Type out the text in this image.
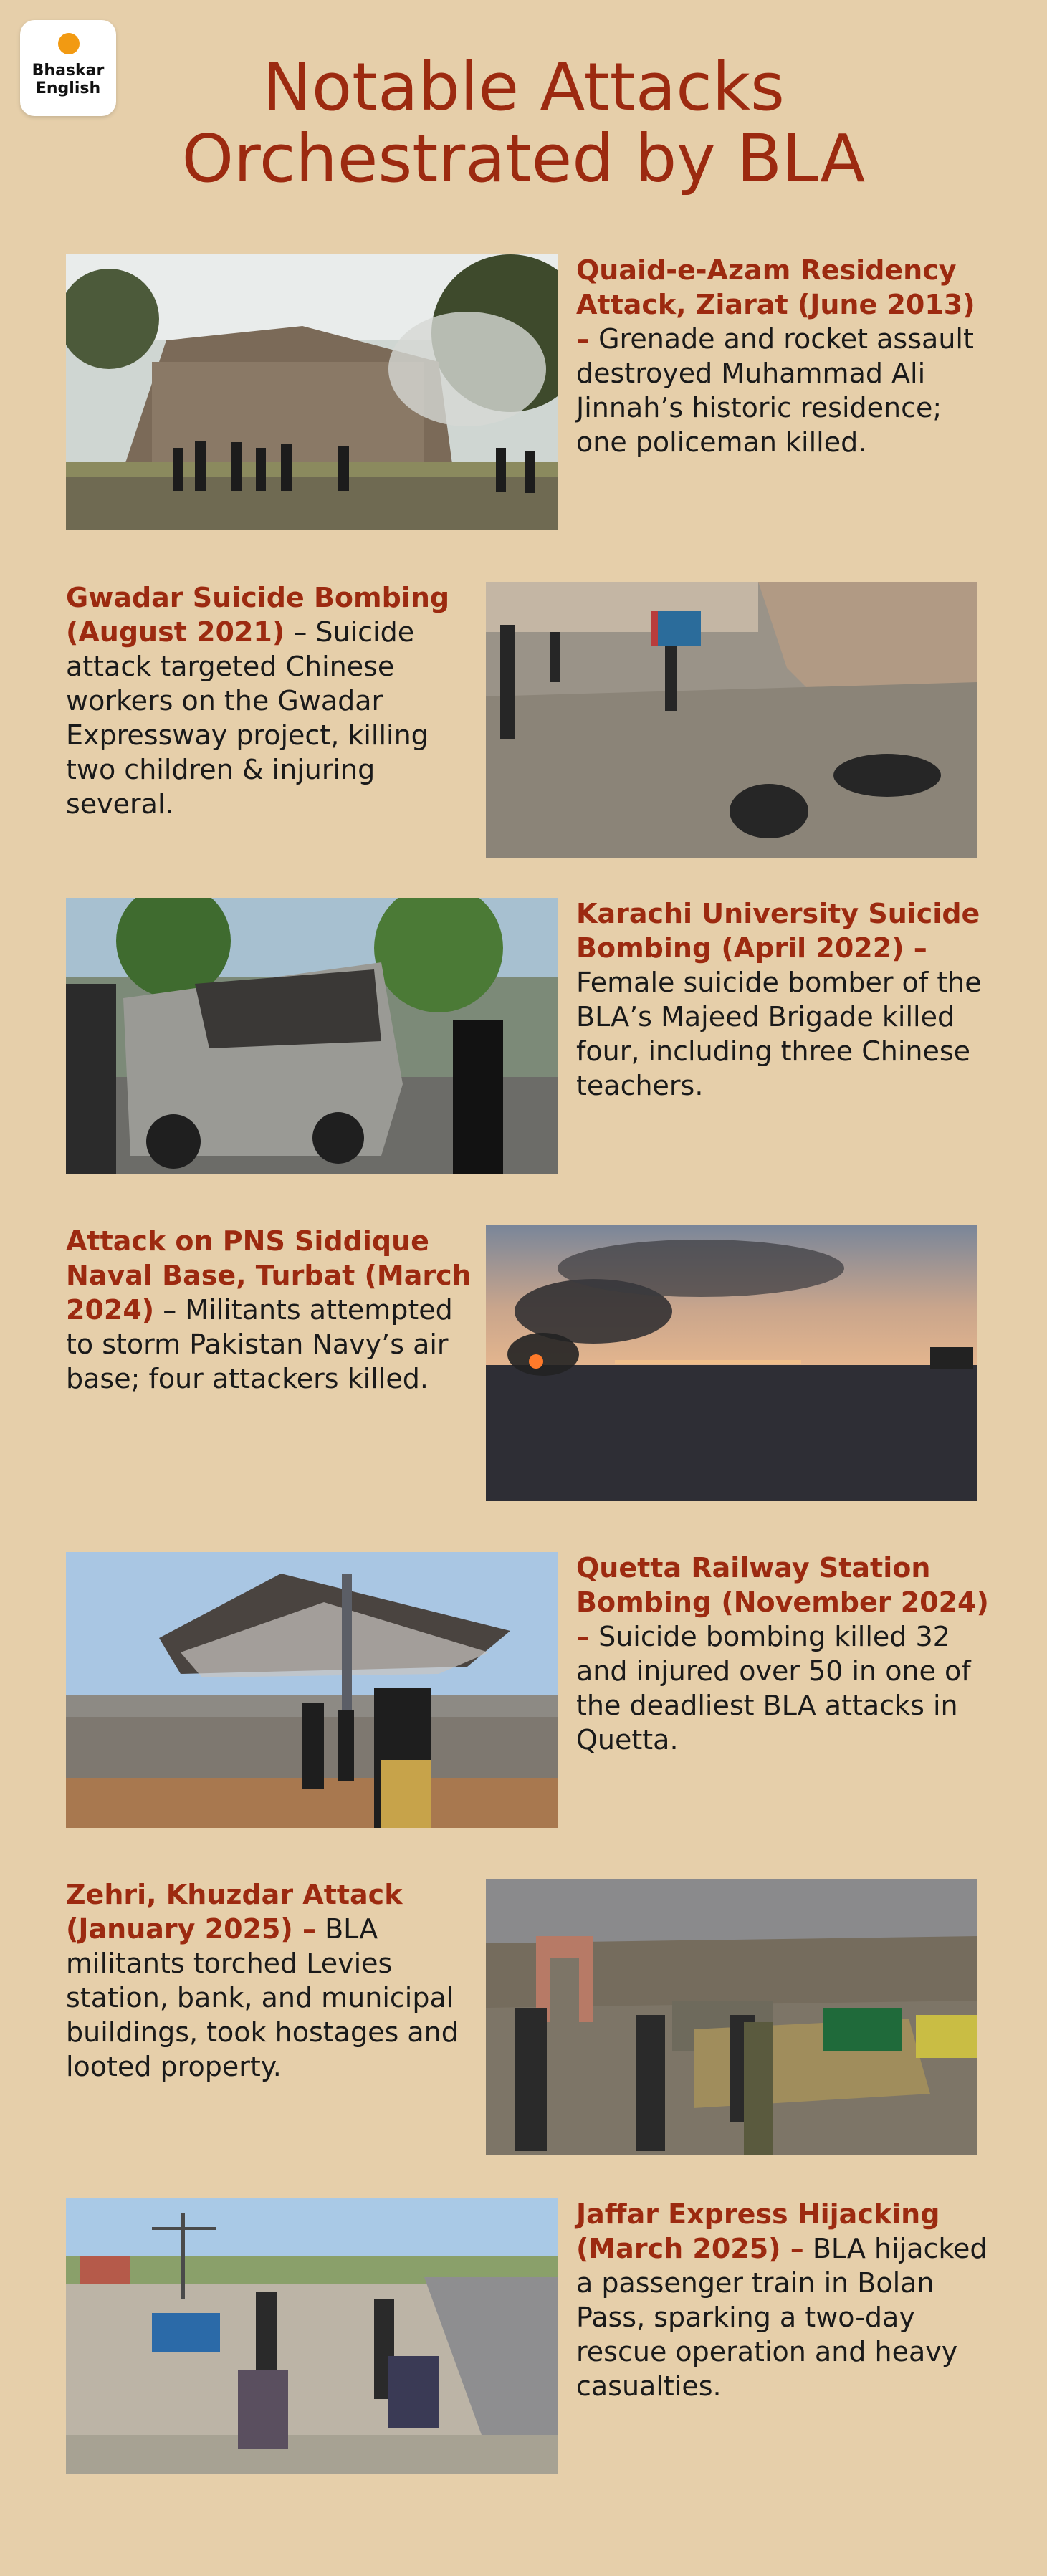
Bhaskar
English	Notable Attacks
Orchestrated by BLA
Quaid-e-Azam Residency Attack, Ziarat (June 2013) – Grenade and rocket assault destroyed Muhammad Ali Jinnah’s historic residence; one policeman killed.
Gwadar Suicide Bombing (August 2021) – Suicide attack targeted Chinese workers on the Gwadar Expressway project, killing two children & injuring several.
Karachi University Suicide Bombing (April 2022) – Female suicide bomber of the BLA’s Majeed Brigade killed four, including three Chinese teachers.
Attack on PNS Siddique Naval Base, Turbat (March 2024) – Militants attempted to storm Pakistan Navy’s air base; four attackers killed.
Quetta Railway Station Bombing (November 2024) – Suicide bombing killed 32 and injured over 50 in one of the deadliest BLA attacks in Quetta.
Zehri, Khuzdar Attack (January 2025) – BLA militants torched Levies station, bank, and municipal buildings, took hostages and looted property.
Jaffar Express Hijacking (March 2025) – BLA hijacked a passenger train in Bolan Pass, sparking a two-day rescue operation and heavy casualties.
